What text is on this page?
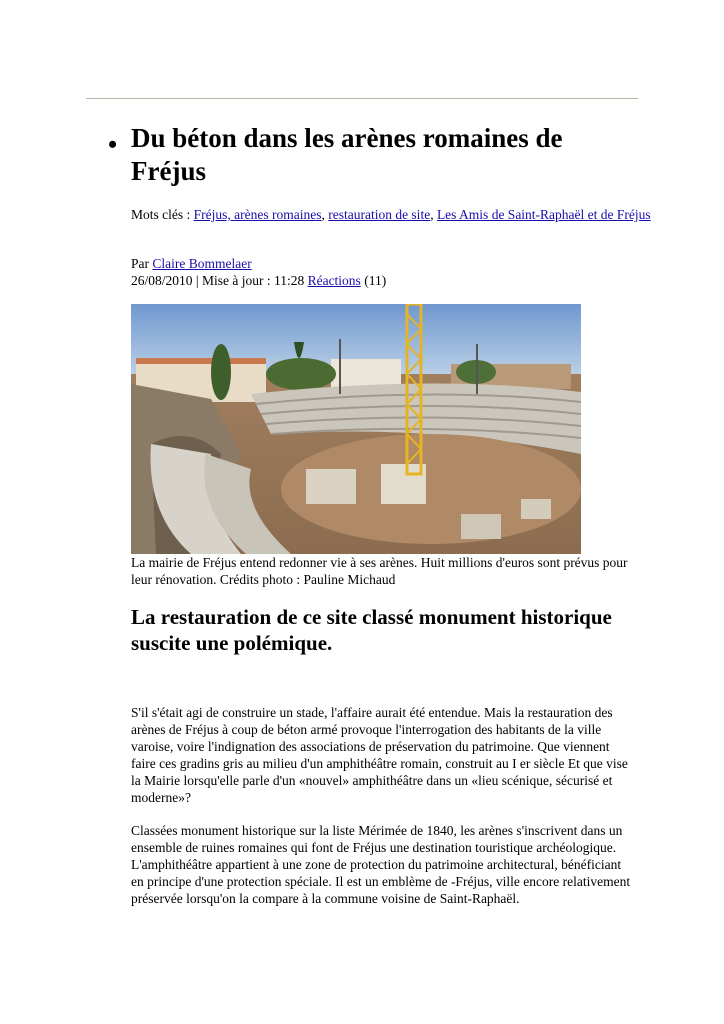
• Du béton dans les arènes romaines de Fréjus
Mots clés : Fréjus, arènes romaines, restauration de site, Les Amis de Saint-Raphaël et de Fréjus
Par Claire Bommelaer
26/08/2010 | Mise à jour : 11:28 Réactions (11)
La mairie de Fréjus entend redonner vie à ses arènes. Huit millions d'euros sont prévus pour leur rénovation. Crédits photo : Pauline Michaud
La restauration de ce site classé monument historique suscite une polémique.

S'il s'était agi de construire un stade, l'affaire aurait été entendue. Mais la restauration des arènes de Fréjus à coup de béton armé provoque l'interrogation des habitants de la ville varoise, voire l'indignation des associations de préservation du patrimoine. Que viennent faire ces gradins gris au milieu d'un amphithéâtre romain, construit au I er siècle Et que vise la Mairie lorsqu'elle parle d'un «nouvel» amphithéâtre dans un «lieu scénique, sécurisé et moderne»?

Classées monument historique sur la liste Mérimée de 1840, les arènes s'inscrivent dans un ensemble de ruines romaines qui font de Fréjus une destination touristique archéologique. L'amphithéâtre appartient à une zone de protection du patrimoine architectural, bénéficiant en principe d'une protection spéciale. Il est un emblème de -Fréjus, ville encore relativement préservée lorsqu'on la compare à la commune voisine de Saint-Raphaël.
